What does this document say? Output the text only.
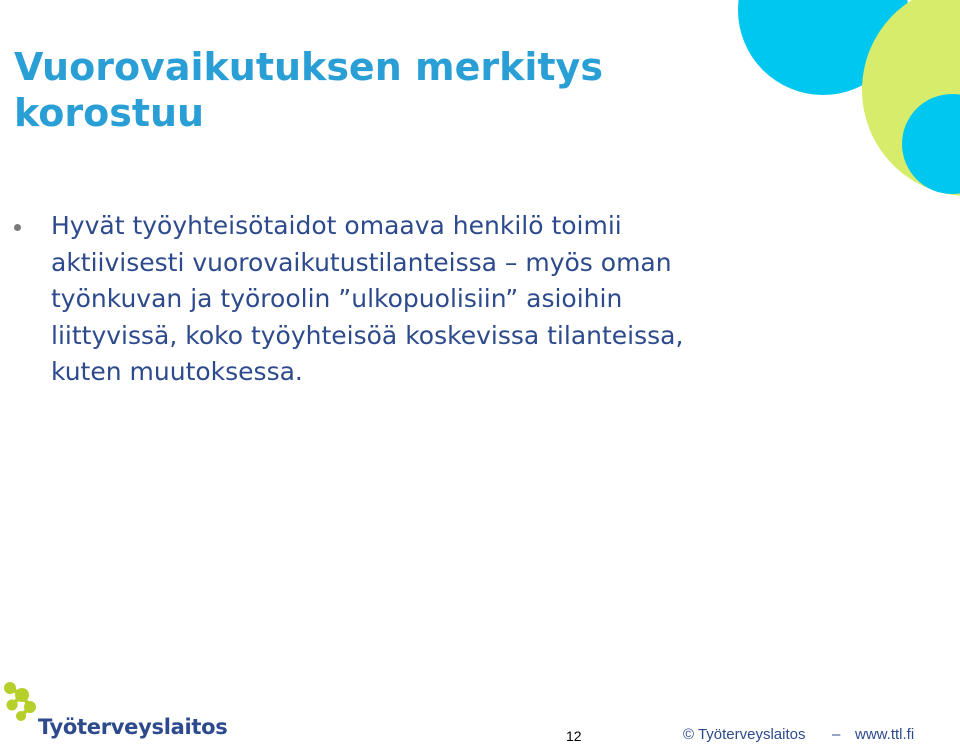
Vuorovaikutuksen merkitys korostuu
Hyvät työyhteisötaidot omaava henkilö toimii aktiivisesti vuorovaikutustilanteissa – myös oman työnkuvan ja työroolin ”ulkopuolisiin” asioihin liittyvissä, koko työyhteisöä koskevissa tilanteissa, kuten muutoksessa.
Työterveyslaitos	12	© Työterveyslaitos – www.ttl.fi
